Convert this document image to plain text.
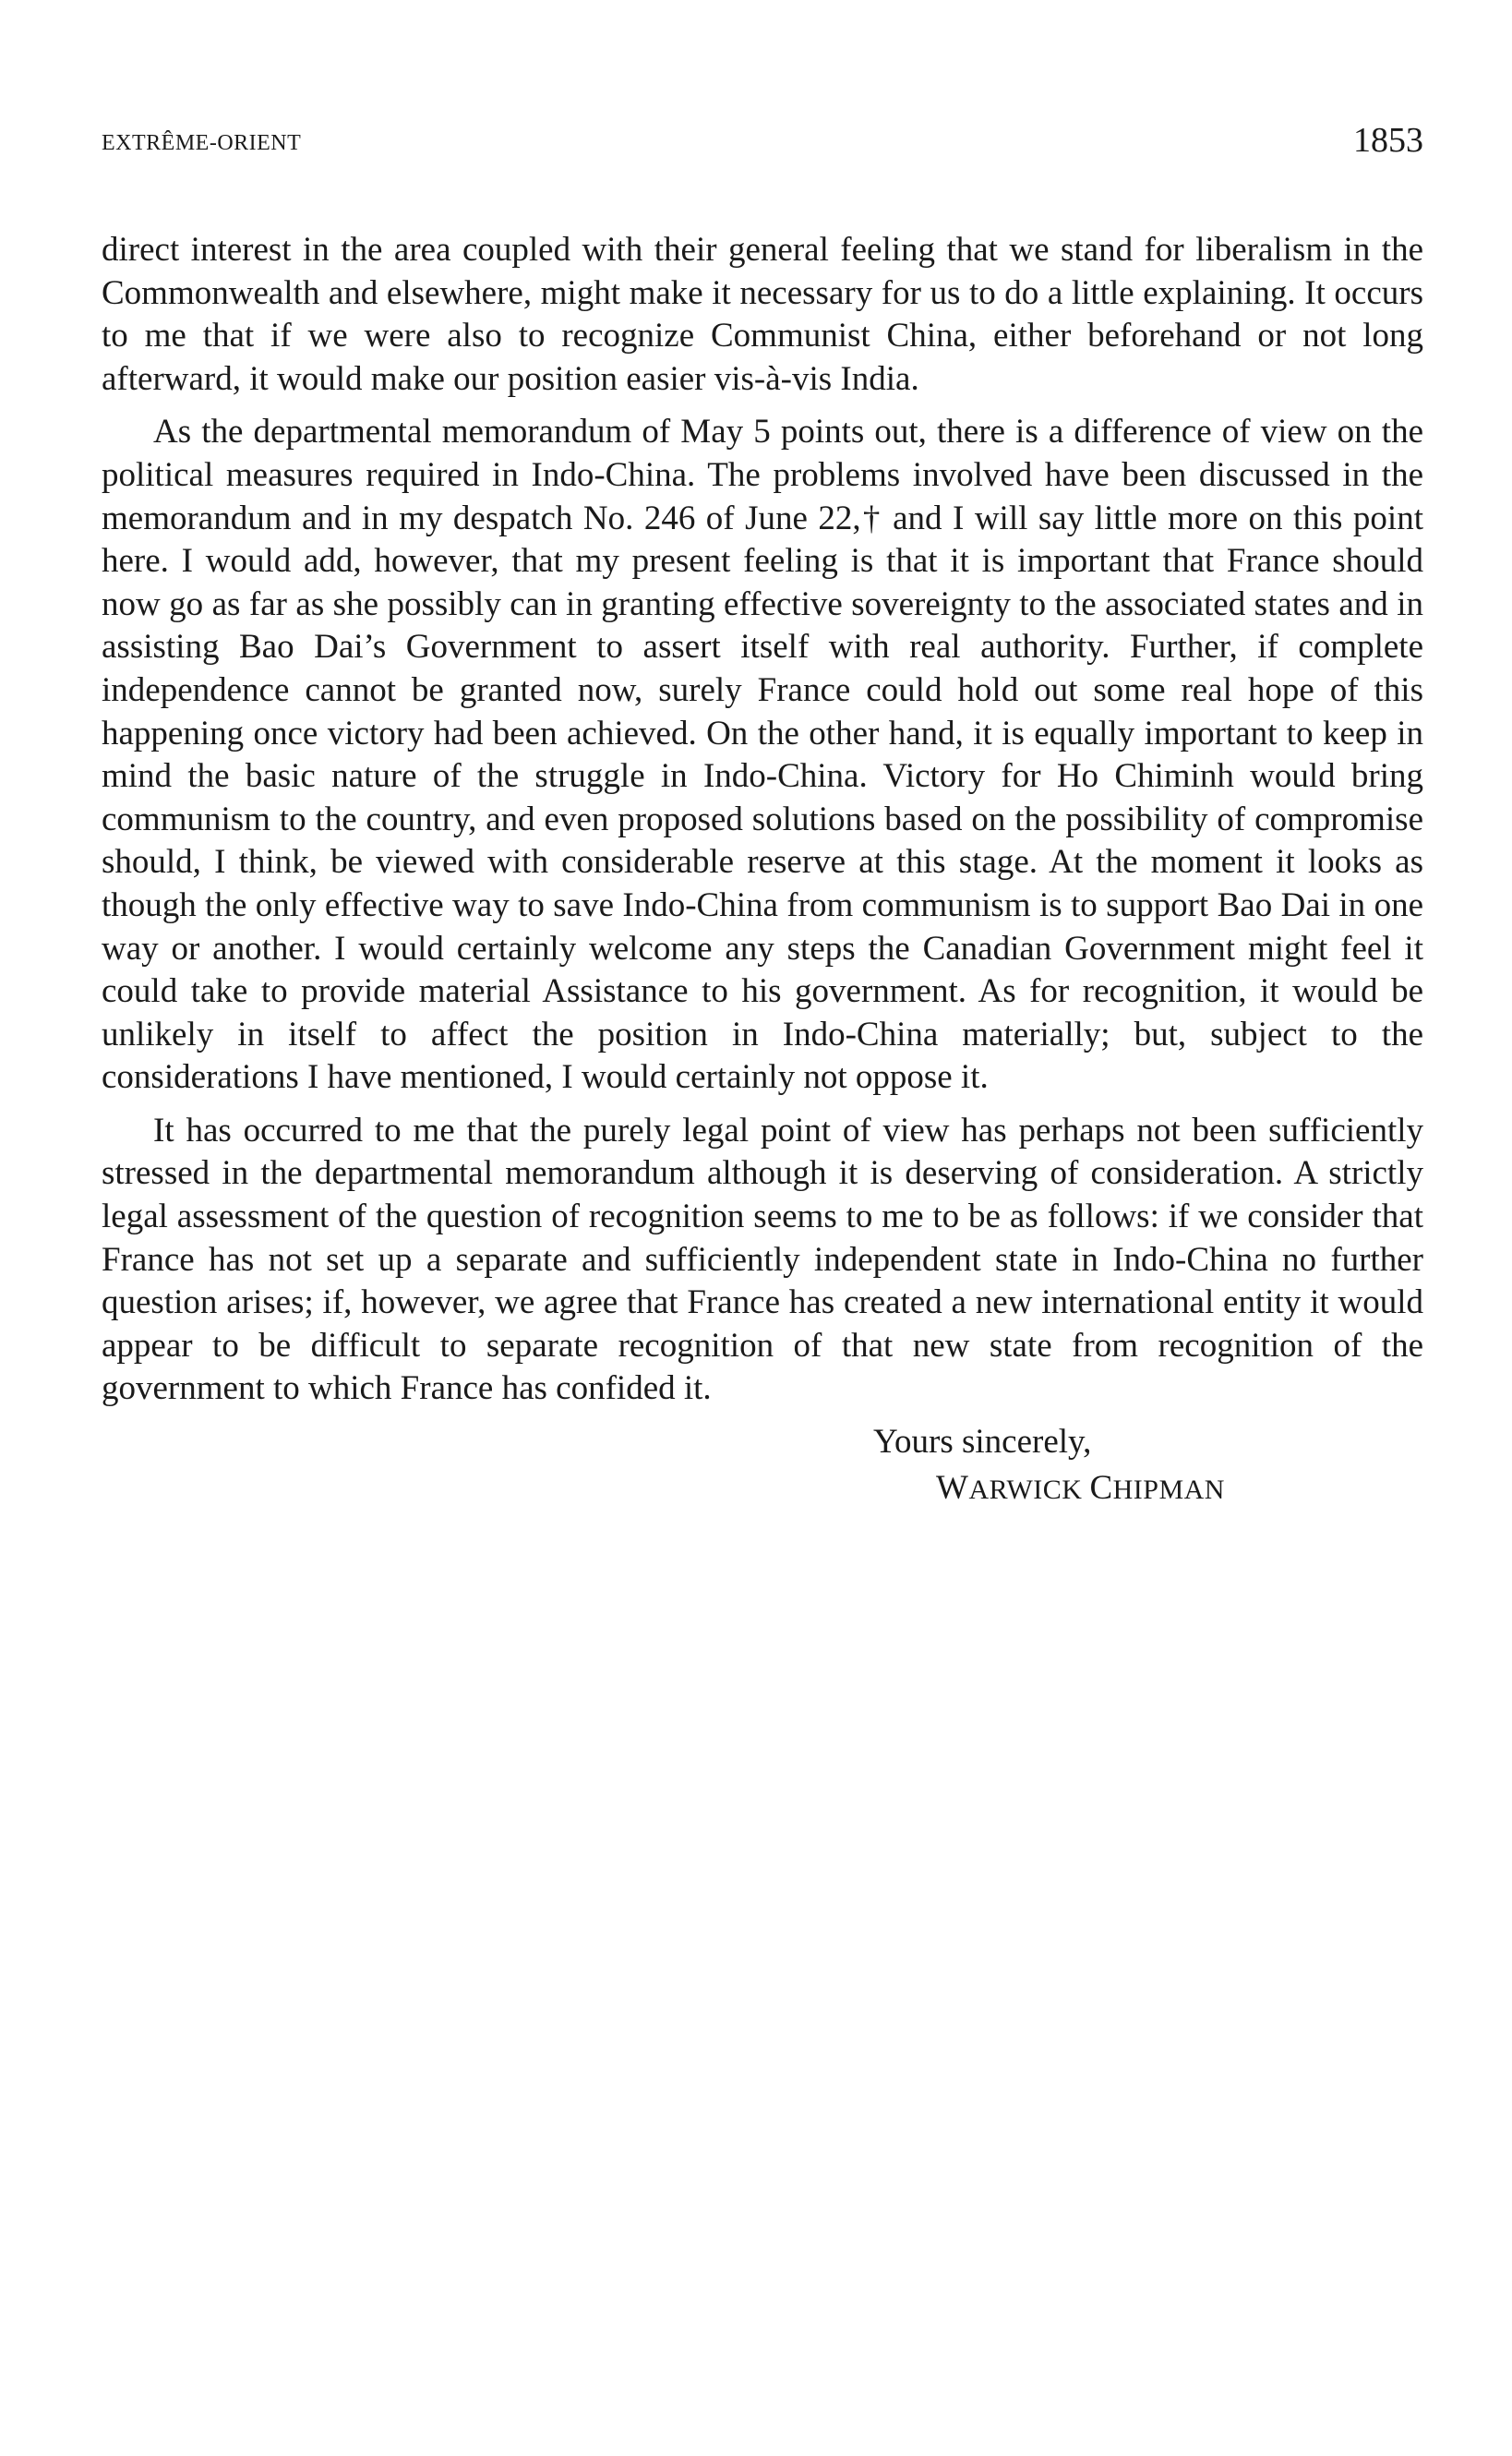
EXTRÊME-ORIENT	1853

direct interest in the area coupled with their general feeling that we stand for liberalism in the Commonwealth and elsewhere, might make it necessary for us to do a little explaining. It occurs to me that if we were also to recognize Communist China, either beforehand or not long afterward, it would make our position easier vis-à-vis India.

As the departmental memorandum of May 5 points out, there is a difference of view on the political measures required in Indo-China. The problems involved have been discussed in the memorandum and in my despatch No. 246 of June 22,† and I will say little more on this point here. I would add, however, that my present feeling is that it is important that France should now go as far as she possibly can in granting effective sovereignty to the associated states and in assisting Bao Dai’s Government to assert itself with real authority. Further, if complete independence cannot be granted now, surely France could hold out some real hope of this happening once victory had been achieved. On the other hand, it is equally important to keep in mind the basic nature of the struggle in Indo-China. Victory for Ho Chiminh would bring communism to the country, and even proposed solutions based on the possibility of compromise should, I think, be viewed with considerable reserve at this stage. At the moment it looks as though the only effective way to save Indo-China from communism is to support Bao Dai in one way or another. I would certainly welcome any steps the Canadian Government might feel it could take to provide material Assistance to his government. As for recognition, it would be unlikely in itself to affect the position in Indo-China materially; but, subject to the considerations I have mentioned, I would certainly not oppose it.

It has occurred to me that the purely legal point of view has perhaps not been sufficiently stressed in the departmental memorandum although it is deserving of consideration. A strictly legal assessment of the question of recognition seems to me to be as follows: if we consider that France has not set up a separate and sufficiently independent state in Indo-China no further question arises; if, however, we agree that France has created a new international entity it would appear to be difficult to separate recognition of that new state from recognition of the government to which France has confided it.

Yours sincerely,
WARWICK CHIPMAN
